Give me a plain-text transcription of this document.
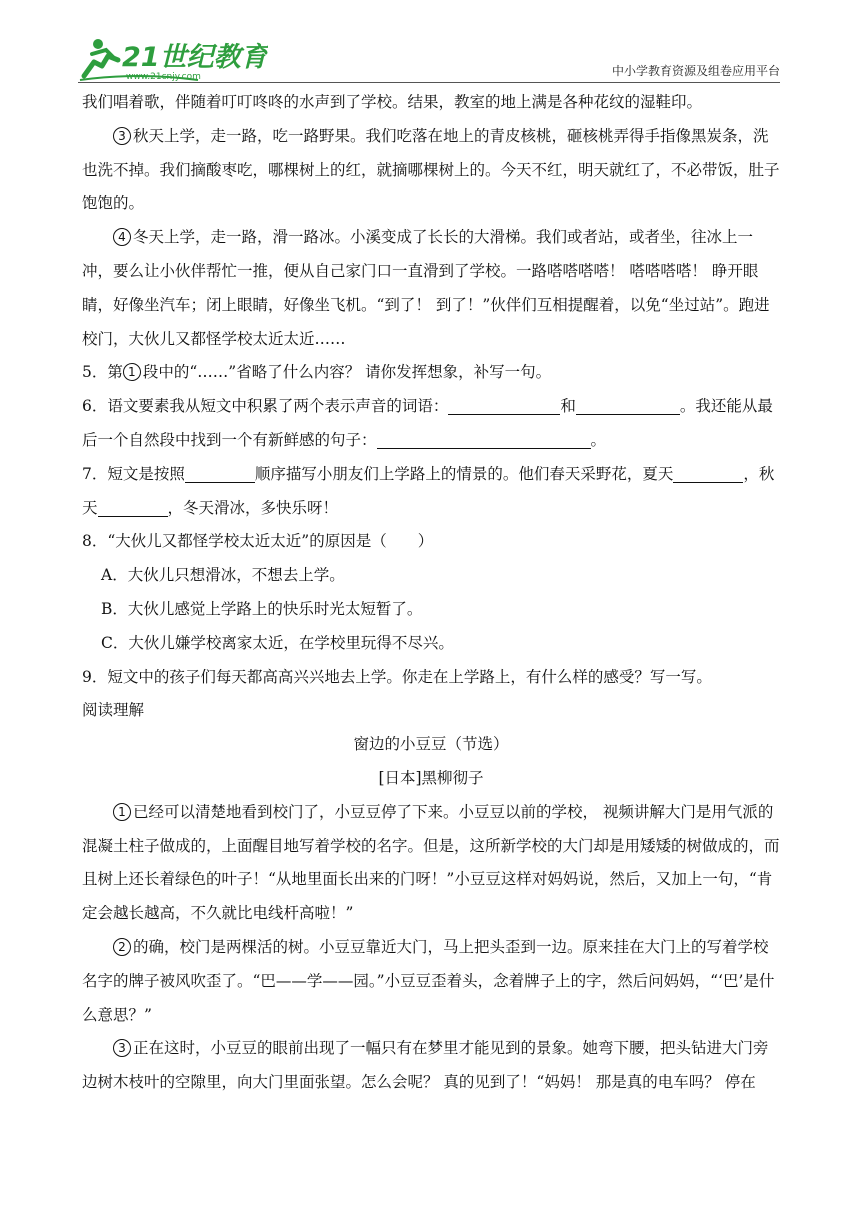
21世纪教育
www.21cnjy.com	中小学教育资源及组卷应用平台

我们唱着歌，伴随着叮叮咚咚的水声到了学校。结果，教室的地上满是各种花纹的湿鞋印。

3 秋天上学，走一路，吃一路野果。我们吃落在地上的青皮核桃，砸核桃弄得手指像黑炭条，洗也洗不掉。我们摘酸枣吃，哪棵树上的红，就摘哪棵树上的。今天不红，明天就红了，不必带饭，肚子饱饱的。

4 冬天上学，走一路，滑一路冰。小溪变成了长长的大滑梯。我们或者站，或者坐，往冰上一冲，要么让小伙伴帮忙一推，便从自己家门口一直滑到了学校。一路嗒嗒嗒嗒！ 嗒嗒嗒嗒！ 睁开眼睛，好像坐汽车；闭上眼睛，好像坐飞机。“到了！ 到了！”伙伴们互相提醒着，以免“坐过站”。跑进校门，大伙儿又都怪学校太近太近……

5．第 1 段中的“……”省略了什么内容？ 请你发挥想象，补写一句。

6．语文要素我从短文中积累了两个表示声音的词语：	和	。我还能从最后一个自然段中找到一个有新鲜感的句子：	。

7．短文是按照	顺序描写小朋友们上学路上的情景的。他们春天采野花，夏天	，秋天	，冬天滑冰，多快乐呀！

8．“大伙儿又都怪学校太近太近”的原因是（　　）

A．大伙儿只想滑冰，不想去上学。

B．大伙儿感觉上学路上的快乐时光太短暂了。

C．大伙儿嫌学校离家太近，在学校里玩得不尽兴。

9．短文中的孩子们每天都高高兴兴地去上学。你走在上学路上，有什么样的感受？写一写。

阅读理解

窗边的小豆豆（节选）

[日本]黑柳彻子

1 已经可以清楚地看到校门了，小豆豆停了下来。小豆豆以前的学校， 视频讲解大门是用气派的混凝土柱子做成的，上面醒目地写着学校的名字。但是，这所新学校的大门却是用矮矮的树做成的，而且树上还长着绿色的叶子！“从地里面长出来的门呀！”小豆豆这样对妈妈说，然后，又加上一句，“肯定会越长越高，不久就比电线杆高啦！”

2 的确，校门是两棵活的树。小豆豆靠近大门，马上把头歪到一边。原来挂在大门上的写着学校名字的牌子被风吹歪了。“巴——学——园。”小豆豆歪着头，念着牌子上的字，然后问妈妈，“‘巴’是什么意思？”

3 正在这时，小豆豆的眼前出现了一幅只有在梦里才能见到的景象。她弯下腰，把头钻进大门旁边树木枝叶的空隙里，向大门里面张望。怎么会呢？ 真的见到了！“妈妈！ 那是真的电车吗？ 停在
